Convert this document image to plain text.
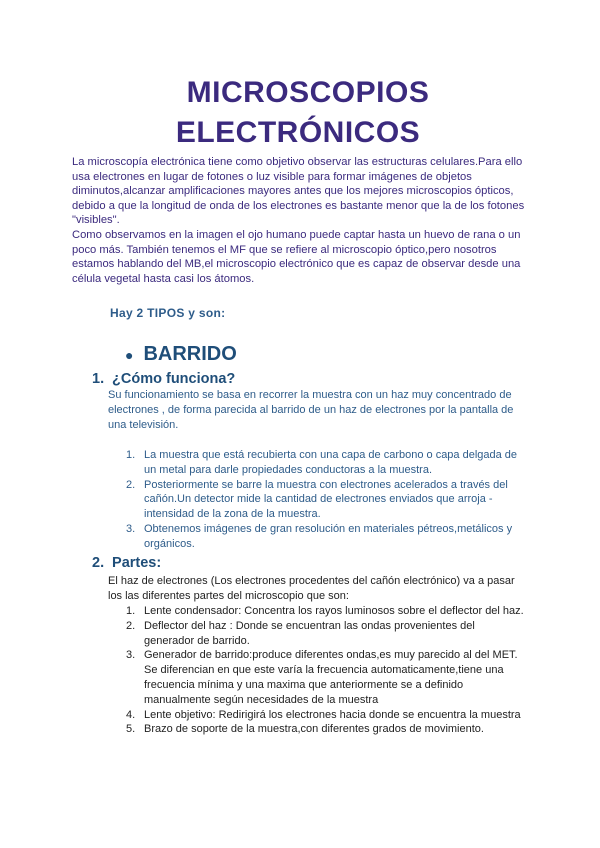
MICROSCOPIOS
ELECTRÓNICOS

La microscopía electrónica tiene como objetivo observar las estructuras celulares.Para ello usa electrones en lugar de fotones o luz visible para formar imágenes de objetos diminutos,alcanzar amplificaciones mayores antes que los mejores microscopios ópticos, debido a que la longitud de onda de los electrones es bastante menor que la de los fotones "visibles".

Como observamos en la imagen el ojo humano puede captar hasta un huevo de rana o un poco más. También tenemos el MF que se refiere al microscopio óptico,pero nosotros estamos hablando del MB,el microscopio electrónico que es capaz de observar desde una célula vegetal hasta casi los átomos.

Hay 2 TIPOS y son:
● BARRIDO
1. ¿Cómo funciona?
Su funcionamiento se basa en recorrer la muestra con un haz muy concentrado de electrones , de forma parecida al barrido de un haz de electrones por la pantalla de una televisión.
1. La muestra que está recubierta con una capa de carbono o capa delgada de un metal para darle propiedades conductoras a la muestra.
2. Posteriormente se barre la muestra con electrones acelerados a través del cañón.Un detector mide la cantidad de electrones enviados que arroja - intensidad de la zona de la muestra.
3. Obtenemos imágenes de gran resolución en materiales pétreos,metálicos y orgánicos.
2. Partes:
El haz de electrones (Los electrones procedentes del cañón electrónico) va a pasar los las diferentes partes del microscopio que son:
1. Lente condensador: Concentra los rayos luminosos sobre el deflector del haz.
2. Deflector del haz : Donde se encuentran las ondas provenientes del generador de barrido.
3. Generador de barrido:produce diferentes ondas,es muy parecido al del MET. Se diferencian en que este varía la frecuencia automaticamente,tiene una frecuencia mínima y una maxima que anteriormente se a definido manualmente según necesidades de la muestra
4. Lente objetivo: Redirigirá los electrones hacia donde se encuentra la muestra
5. Brazo de soporte de la muestra,con diferentes grados de movimiento.
